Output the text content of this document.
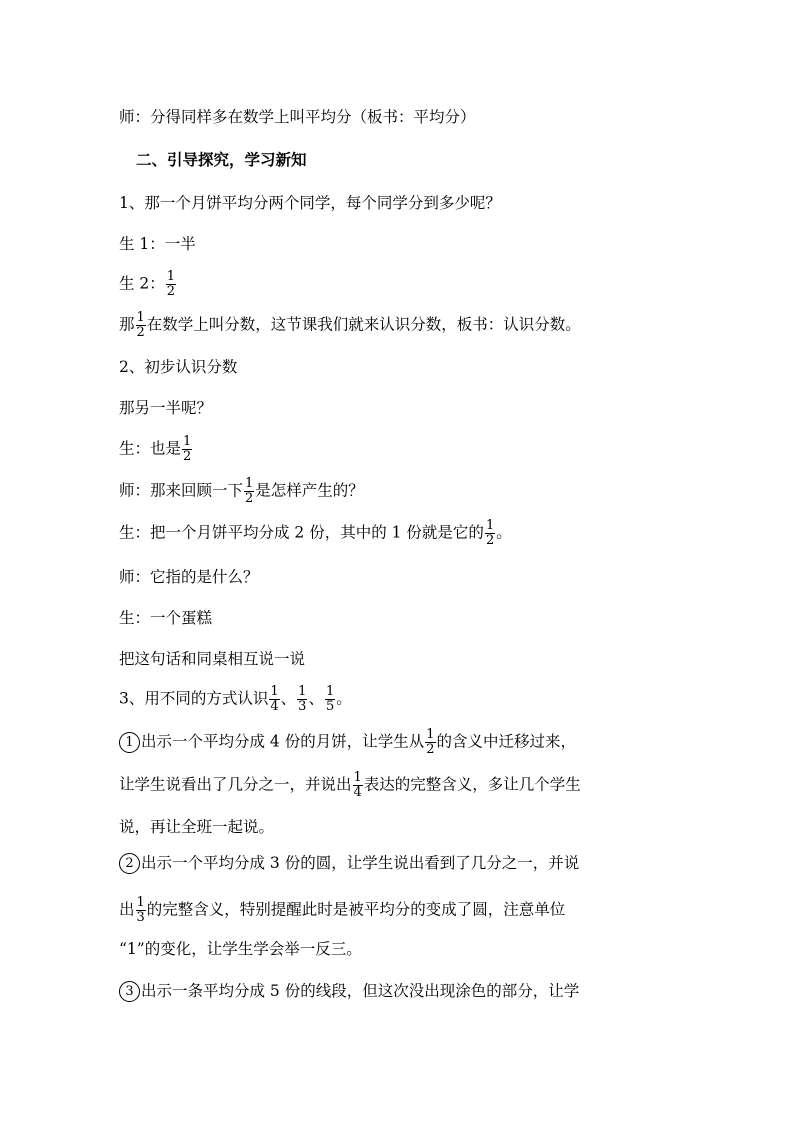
师：分得同样多在数学上叫平均分（板书：平均分）
二、引导探究，学习新知
1、那一个月饼平均分两个同学，每个同学分到多少呢？
生 1：一半
生 2： $\frac{1}{2}$
那 $\frac{1}{2}$ 在数学上叫分数，这节课我们就来认识分数，板书：认识分数。
2、初步认识分数
那另一半呢？
生：也是 $\frac{1}{2}$
师：那来回顾一下 $\frac{1}{2}$ 是怎样产生的？
生：把一个月饼平均分成 2 份，其中的 1 份就是它的 $\frac{1}{2}$ 。
师：它指的是什么？
生：一个蛋糕
把这句话和同桌相互说一说
3、用不同的方式认识 $\frac{1}{4}$ 、 $\frac{1}{3}$ 、 $\frac{1}{5}$ 。
1 出示一个平均分成 4 份的月饼，让学生从 $\frac{1}{2}$ 的含义中迁移过来，
让学生说看出了几分之一，并说出 $\frac{1}{4}$ 表达的完整含义，多让几个学生
说，再让全班一起说。
2 出示一个平均分成 3 份的圆，让学生说出看到了几分之一，并说
出 $\frac{1}{3}$ 的完整含义，特别提醒此时是被平均分的变成了圆，注意单位
“1”的变化，让学生学会举一反三。
3 出示一条平均分成 5 份的线段，但这次没出现涂色的部分，让学
